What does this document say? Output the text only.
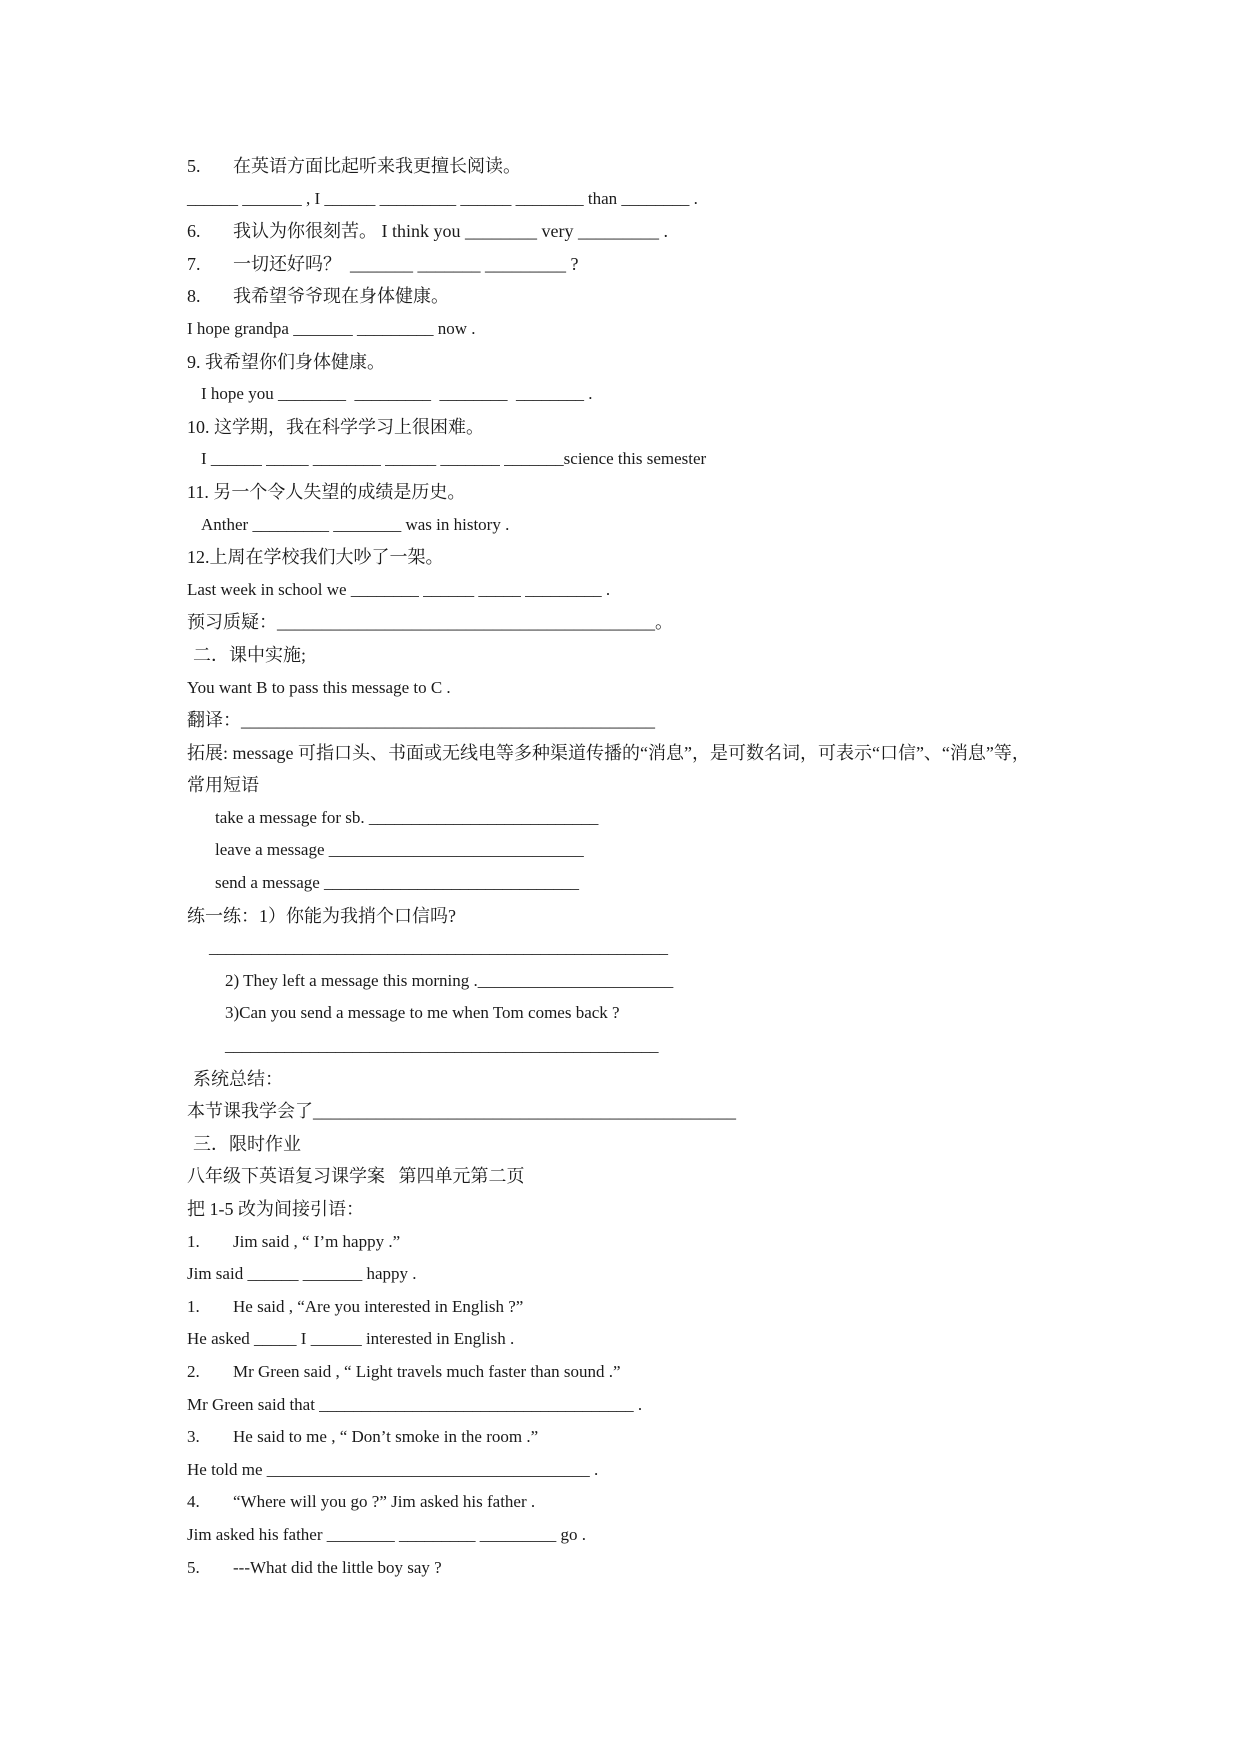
5. 在英语方面比起听来我更擅长阅读。
______ _______ , I ______ _________ ______ ________ than ________ .
6. 我认为你很刻苦。 I think you ________ very _________ .
7. 一切还好吗？  _______ _______ _________ ?
8. 我希望爷爷现在身体健康。
I hope grandpa _______ _________ now .
9. 我希望你们身体健康。
I hope you ________  _________  ________  ________ .
10. 这学期，我在科学学习上很困难。
I ______ _____ ________ ______ _______ _______science this semester
11. 另一个令人失望的成绩是历史。
Anther _________ ________ was in history .
12.上周在学校我们大吵了一架。
Last week in school we ________ ______ _____ _________ .
预习质疑：__________________________________________。
二．课中实施;
You want B to pass this message to C .
翻译：______________________________________________
拓展: message 可指口头、书面或无线电等多种渠道传播的“消息”，是可数名词，可表示“口信”、“消息”等，
常用短语
take a message for sb. ___________________________
leave a message ______________________________
send a message ______________________________
练一练：1）你能为我捎个口信吗?
______________________________________________________
2) They left a message this morning ._______________________
3)Can you send a message to me when Tom comes back ?
___________________________________________________
系统总结：
本节课我学会了_______________________________________________
三．限时作业
八年级下英语复习课学案   第四单元第二页
把 1-5 改为间接引语：
1. Jim said , “ I’m happy .”
Jim said ______ _______ happy .
1. He said , “Are you interested in English ?”
He asked _____ I ______ interested in English .
2. Mr Green said , “ Light travels much faster than sound .”
Mr Green said that _____________________________________ .
3. He said to me , “ Don’t smoke in the room .”
He told me ______________________________________ .
4. “Where will you go ?” Jim asked his father .
Jim asked his father ________ _________ _________ go .
5. ---What did the little boy say ?
